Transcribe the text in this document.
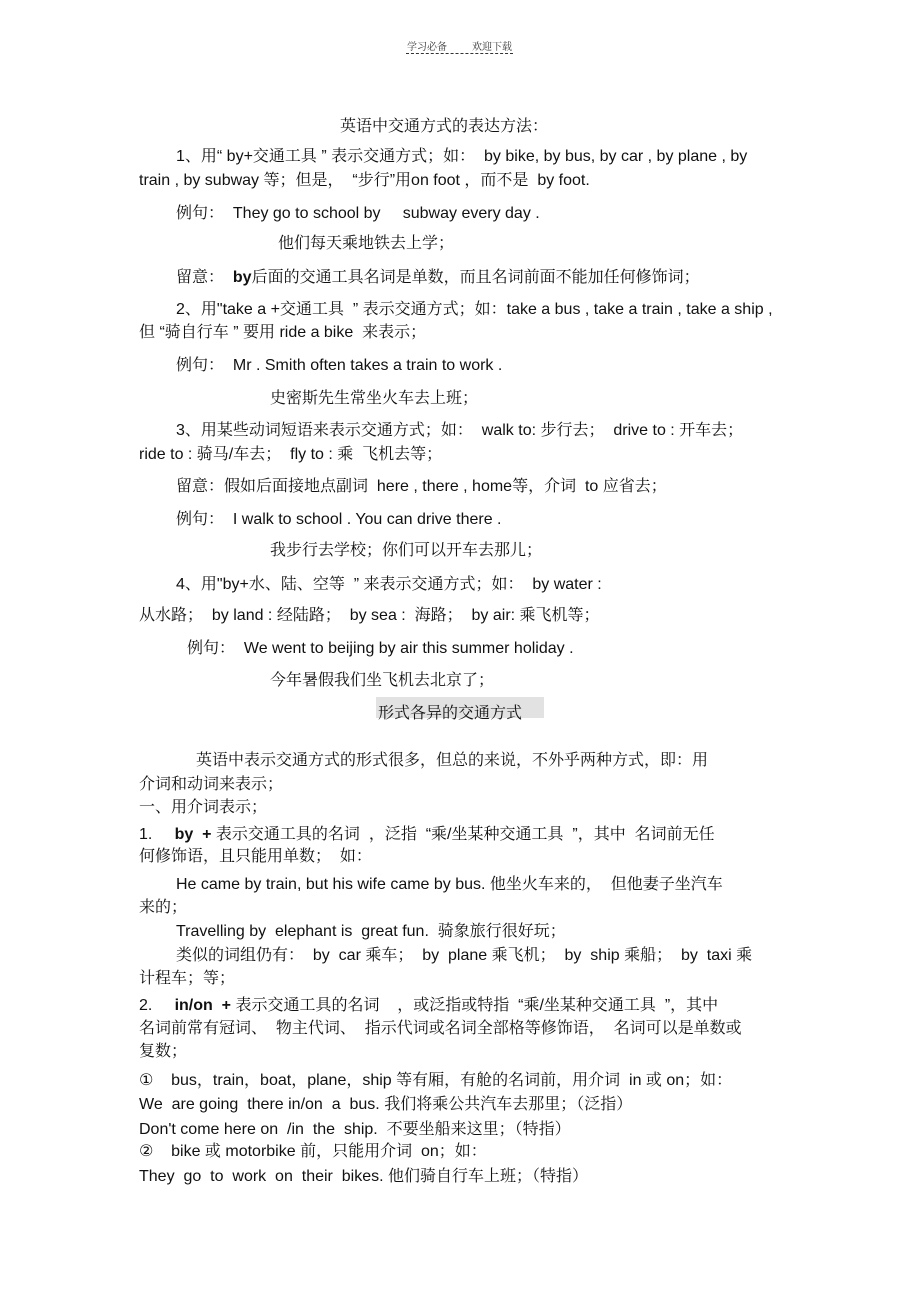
学习必备	欢迎下载
英语中交通方式的表达方法：
形式各异的交通方式
1、用“ by+交通工具 ” 表示交通方式；如：  by bike, by bus, by car , by plane , by
train , by subway 等；但是，  “步行”用on foot ，而不是  by foot.
例句：  They go to school by     subway every day .
他们每天乘地铁去上学；
留意：  by后面的交通工具名词是单数，而且名词前面不能加任何修饰词；
2、用"take a +交通工具  ” 表示交通方式；如：take a bus , take a train , take a ship ,
但 “骑自行车 ” 要用 ride a bike  来表示；
例句：  Mr . Smith often takes a train to work .
史密斯先生常坐火车去上班；
3、用某些动词短语来表示交通方式；如：  walk to: 步行去；  drive to : 开车去；
ride to : 骑马/车去；  fly to : 乘  飞机去等；
留意：假如后面接地点副词  here , there , home等，介词  to 应省去；
例句：  I walk to school . You can drive there .
我步行去学校；你们可以开车去那儿；
4、用"by+水、陆、空等  ” 来表示交通方式；如：  by water :
从水路；  by land : 经陆路；  by sea :  海路；  by air: 乘飞机等；
例句：  We went to beijing by air this summer holiday .
今年暑假我们坐飞机去北京了；
英语中表示交通方式的形式很多，但总的来说，不外乎两种方式，即：用
介词和动词来表示；
一、用介词表示；
1.     by  + 表示交通工具的名词  ，泛指  “乘/坐某种交通工具  ”，其中  名词前无任
何修饰语，且只能用单数；  如：
He came by train, but his wife came by bus. 他坐火车来的，  但他妻子坐汽车
来的；
Travelling by  elephant is  great fun.  骑象旅行很好玩；
类似的词组仍有：  by  car 乘车；  by  plane 乘飞机；  by  ship 乘船；  by  taxi 乘
计程车；等；
2.     in/on  + 表示交通工具的名词    ，或泛指或特指  “乘/坐某种交通工具  ”，其中
名词前常有冠词、  物主代词、  指示代词或名词全部格等修饰语，  名词可以是单数或
复数；
①    bus，train，boat，plane，ship 等有厢，有舱的名词前，用介词  in 或 on；如：
We  are going  there in/on  a  bus. 我们将乘公共汽车去那里；（泛指）
Don't come here on  /in  the  ship.  不要坐船来这里；（特指）
②    bike 或 motorbike 前，只能用介词  on；如：
They  go  to  work  on  their  bikes. 他们骑自行车上班；（特指）
